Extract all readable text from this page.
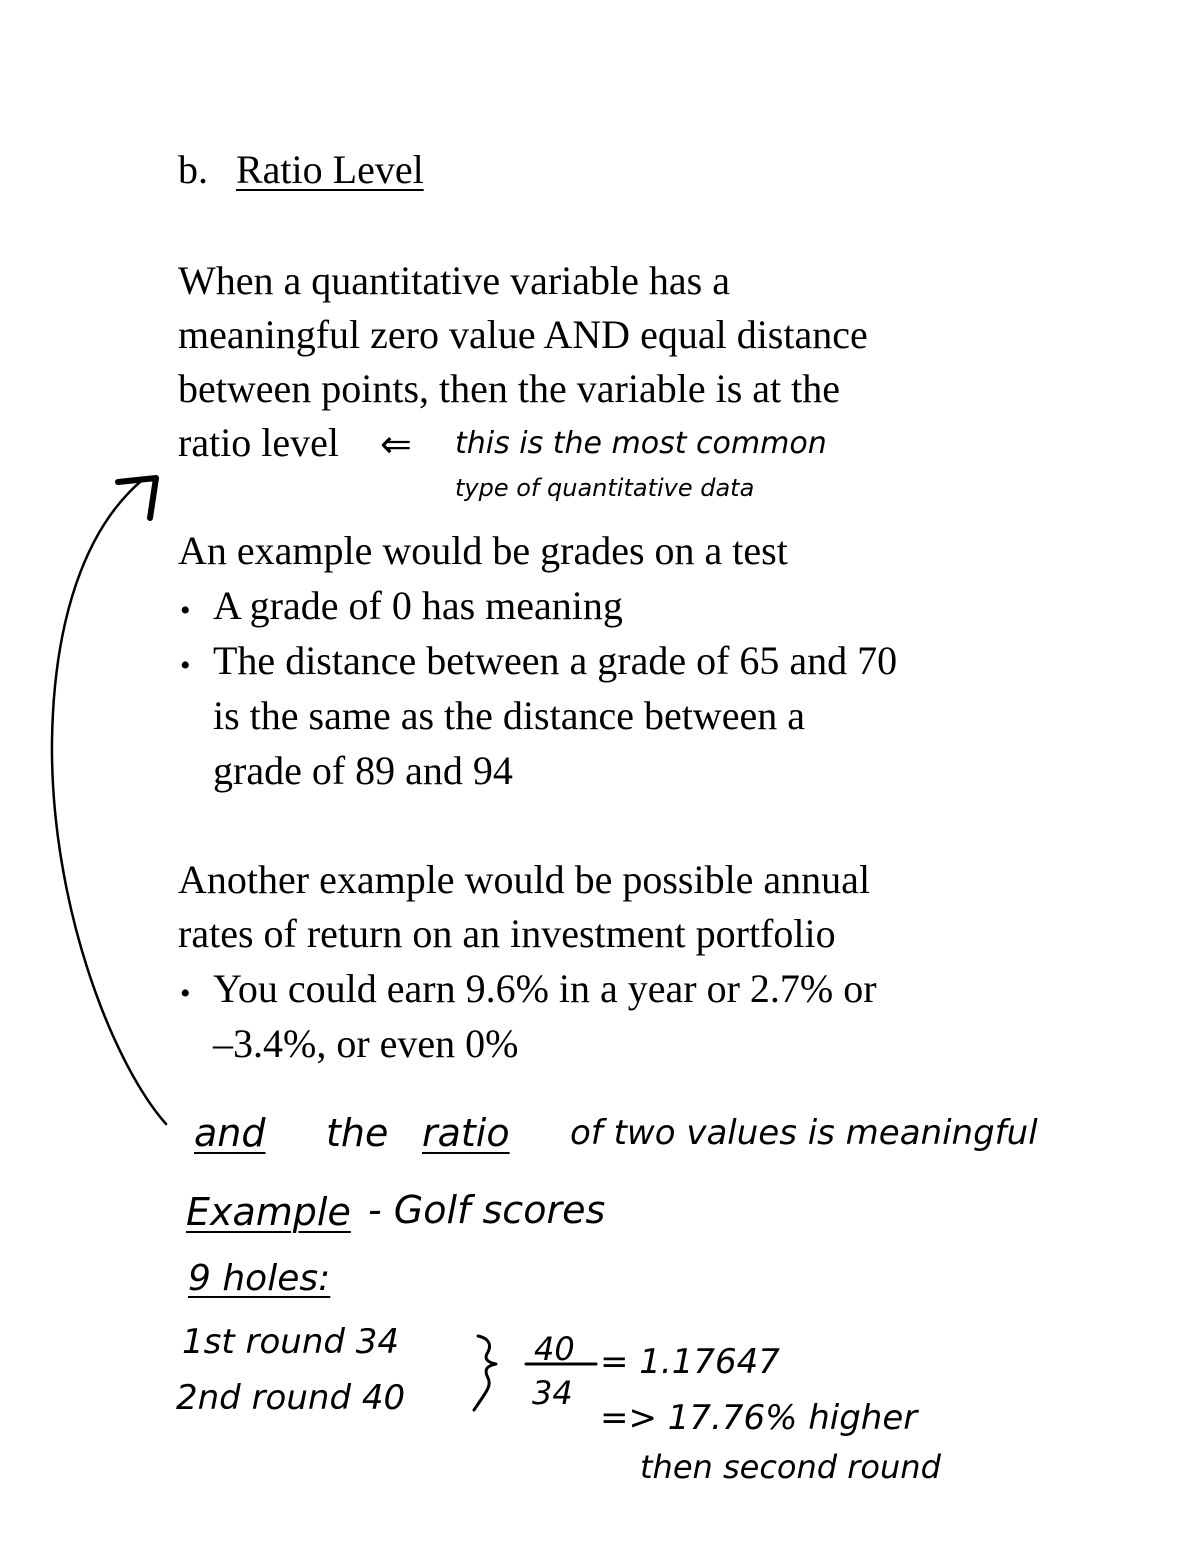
b. Ratio Level
When a quantitative variable has a
meaningful zero value AND equal distance
between points, then the variable is at the
ratio level ⇐ this is the most common
type of quantitative data
An example would be grades on a test
• A grade of 0 has meaning
• The distance between a grade of 65 and 70
is the same as the distance between a
grade of 89 and 94
Another example would be possible annual
rates of return on an investment portfolio
• You could earn 9.6% in a year or 2.7% or
–3.4%, or even 0%
and the ratio of two values is meaningful
Example - Golf scores
9 holes:
1st round 34
2nd round 40
40
34
= 1.17647
=> 17.76% higher
then second round
